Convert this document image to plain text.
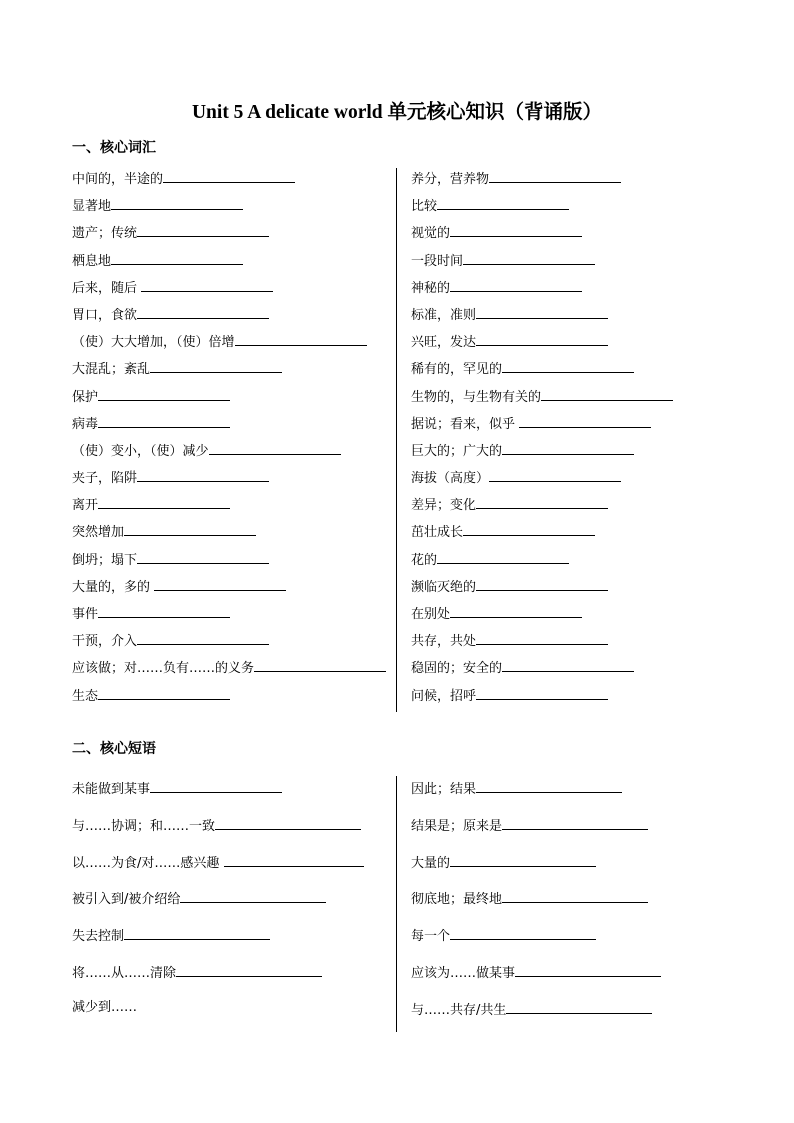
Unit 5 A delicate world 单元核心知识（背诵版）
一、核心词汇
中间的，半途的
显著地
遗产；传统
栖息地
后来，随后
胃口，食欲
（使）大大增加，（使）倍增
大混乱；紊乱
保护
病毒
（使）变小，（使）减少
夹子，陷阱
离开
突然增加
倒坍；塌下
大量的，多的
事件
干预，介入
应该做；对……负有……的义务
生态
养分，营养物
比较
视觉的
一段时间
神秘的
标准，准则
兴旺，发达
稀有的，罕见的
生物的，与生物有关的
据说；看来，似乎
巨大的；广大的
海拔（高度）
差异；变化
茁壮成长
花的
濒临灭绝的
在别处
共存，共处
稳固的；安全的
问候，招呼
二、核心短语
未能做到某事
与……协调；和……一致
以……为食/对……感兴趣
被引入到/被介绍给
失去控制
将……从……清除
减少到……
因此；结果
结果是；原来是
大量的
彻底地；最终地
每一个
应该为……做某事
与……共存/共生
